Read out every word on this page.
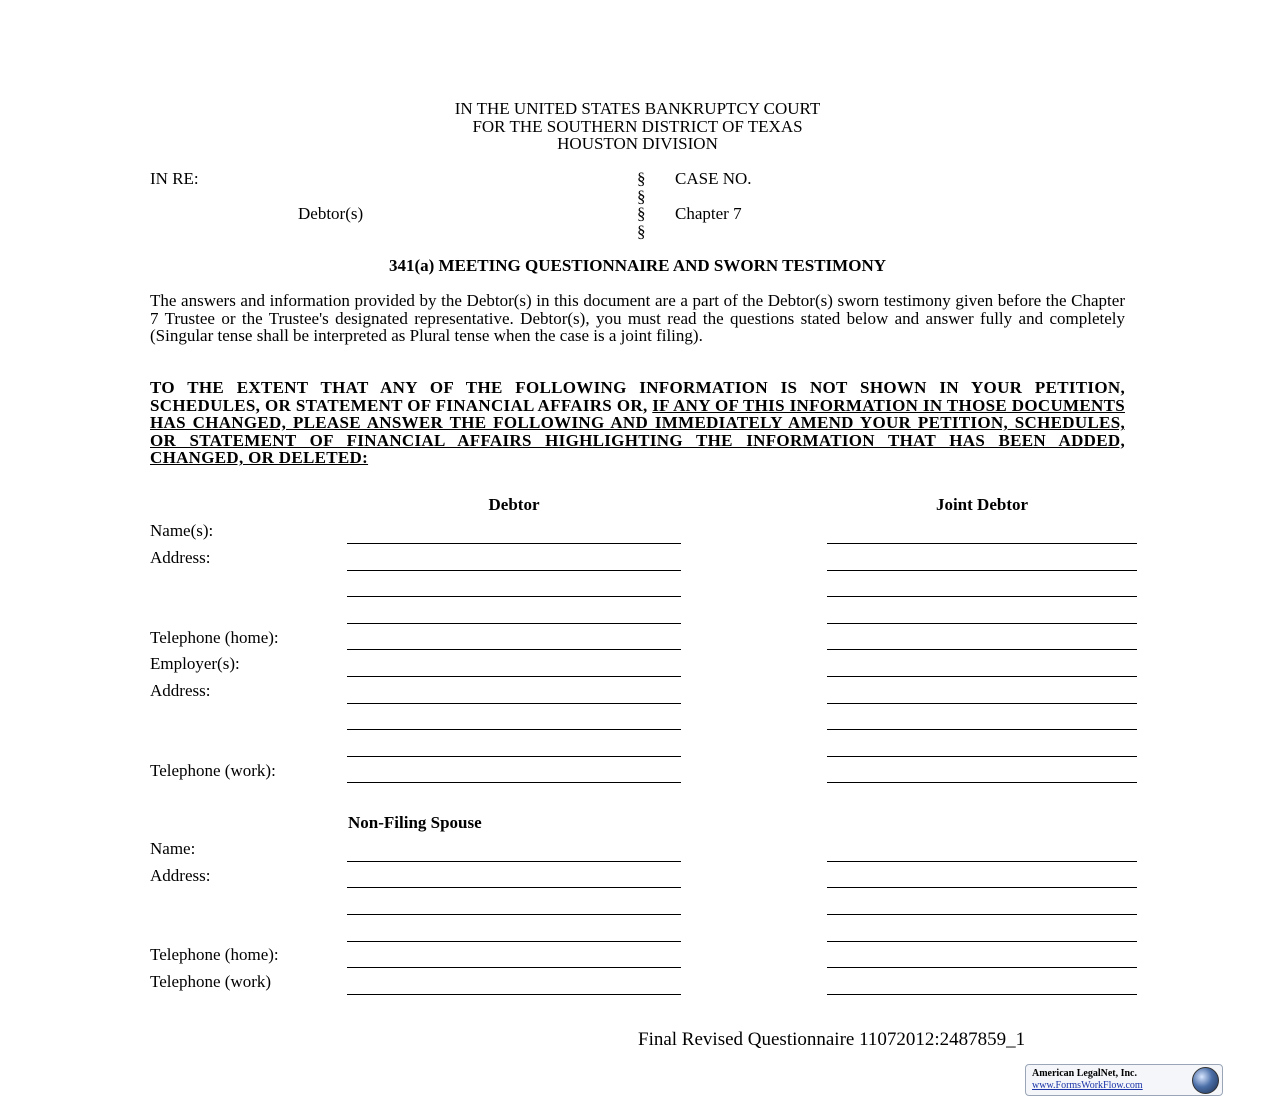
IN THE UNITED STATES BANKRUPTCY COURT
FOR THE SOUTHERN DISTRICT OF TEXAS
HOUSTON DIVISION
IN RE:
Debtor(s)
§
§
§
§
CASE NO.
Chapter 7
341(a) MEETING QUESTIONNAIRE AND SWORN TESTIMONY
The answers and information provided by the Debtor(s) in this document are a part of the Debtor(s) sworn testimony given before the Chapter 7 Trustee or the Trustee's designated representative. Debtor(s), you must read the questions stated below and answer fully and completely (Singular tense shall be interpreted as Plural tense when the case is a joint filing).
TO THE EXTENT THAT ANY OF THE FOLLOWING INFORMATION IS NOT SHOWN IN YOUR PETITION, SCHEDULES, OR STATEMENT OF FINANCIAL AFFAIRS OR, IF ANY OF THIS INFORMATION IN THOSE DOCUMENTS HAS CHANGED, PLEASE ANSWER THE FOLLOWING AND IMMEDIATELY AMEND YOUR PETITION, SCHEDULES, OR STATEMENT OF FINANCIAL AFFAIRS HIGHLIGHTING THE INFORMATION THAT HAS BEEN ADDED, CHANGED, OR DELETED:
Debtor	Joint Debtor
Name(s):
Address:
Telephone (home):
Employer(s):
Address:
Telephone (work):
Non-Filing Spouse
Name:
Address:
Telephone (home):
Telephone (work)
Final Revised Questionnaire 11072012:2487859_1
American LegalNet, Inc.
www.FormsWorkFlow.com
